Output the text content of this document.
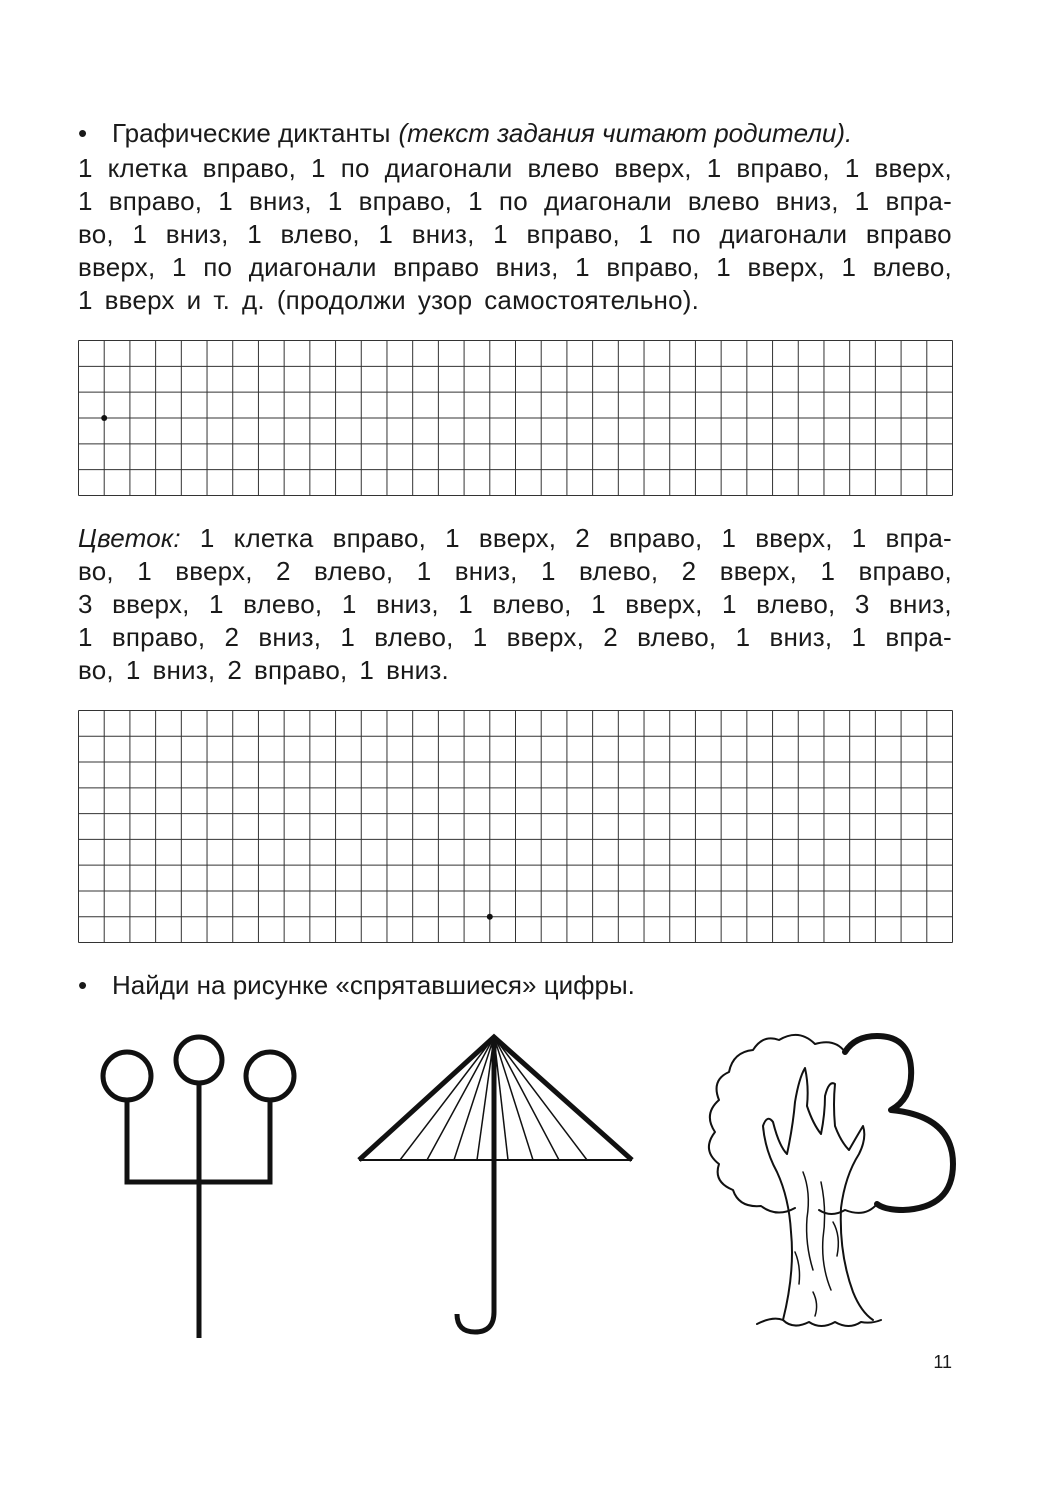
• Графические диктанты (текст задания читают родители).
1 клетка вправо, 1 по диагонали влево вверх, 1 вправо, 1 вверх,
1 вправо, 1 вниз, 1 вправо, 1 по диагонали влево вниз, 1 впра-
во, 1 вниз, 1 влево, 1 вниз, 1 вправо, 1 по диагонали вправо
вверх, 1 по диагонали вправо вниз, 1 вправо, 1 вверх, 1 влево,
1 вверх и т. д. (продолжи узор самостоятельно).
Цветок: 1 клетка вправо, 1 вверх, 2 вправо, 1 вверх, 1 впра-
во, 1 вверх, 2 влево, 1 вниз, 1 влево, 2 вверх, 1 вправо,
3 вверх, 1 влево, 1 вниз, 1 влево, 1 вверх, 1 влево, 3 вниз,
1 вправо, 2 вниз, 1 влево, 1 вверх, 2 влево, 1 вниз, 1 впра-
во, 1 вниз, 2 вправо, 1 вниз.
• Найди на рисунке «спрятавшиеся» цифры.
11
